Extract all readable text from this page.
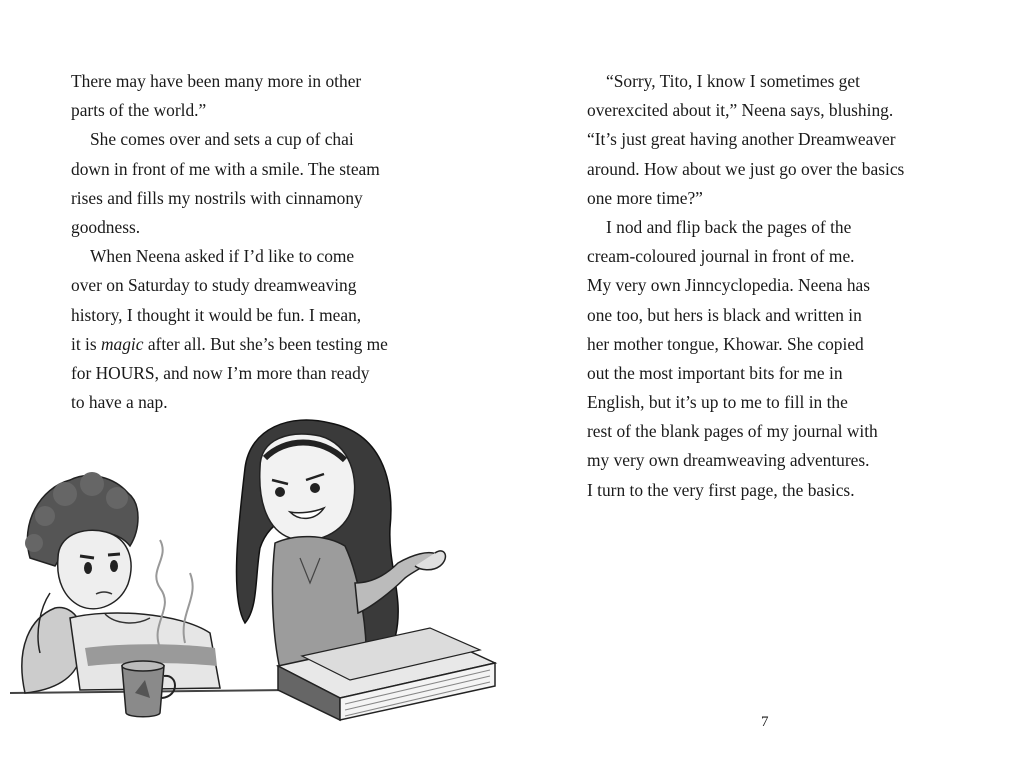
There may have been many more in other
parts of the world.”
She comes over and sets a cup of chai
down in front of me with a smile. The steam
rises and fills my nostrils with cinnamony
goodness.
When Neena asked if I’d like to come
over on Saturday to study dreamweaving
history, I thought it would be fun. I mean,
it is magic after all. But she’s been testing me
for HOURS, and now I’m more than ready
to have a nap.
“Sorry, Tito, I know I sometimes get
overexcited about it,” Neena says, blushing.
“It’s just great having another Dreamweaver
around. How about we just go over the basics
one more time?”
I nod and flip back the pages of the
cream-coloured journal in front of me.
My very own Jinncyclopedia. Neena has
one too, but hers is black and written in
her mother tongue, Khowar. She copied
out the most important bits for me in
English, but it’s up to me to fill in the
rest of the blank pages of my journal with
my very own dreamweaving adventures.
I turn to the very first page, the basics.
7
